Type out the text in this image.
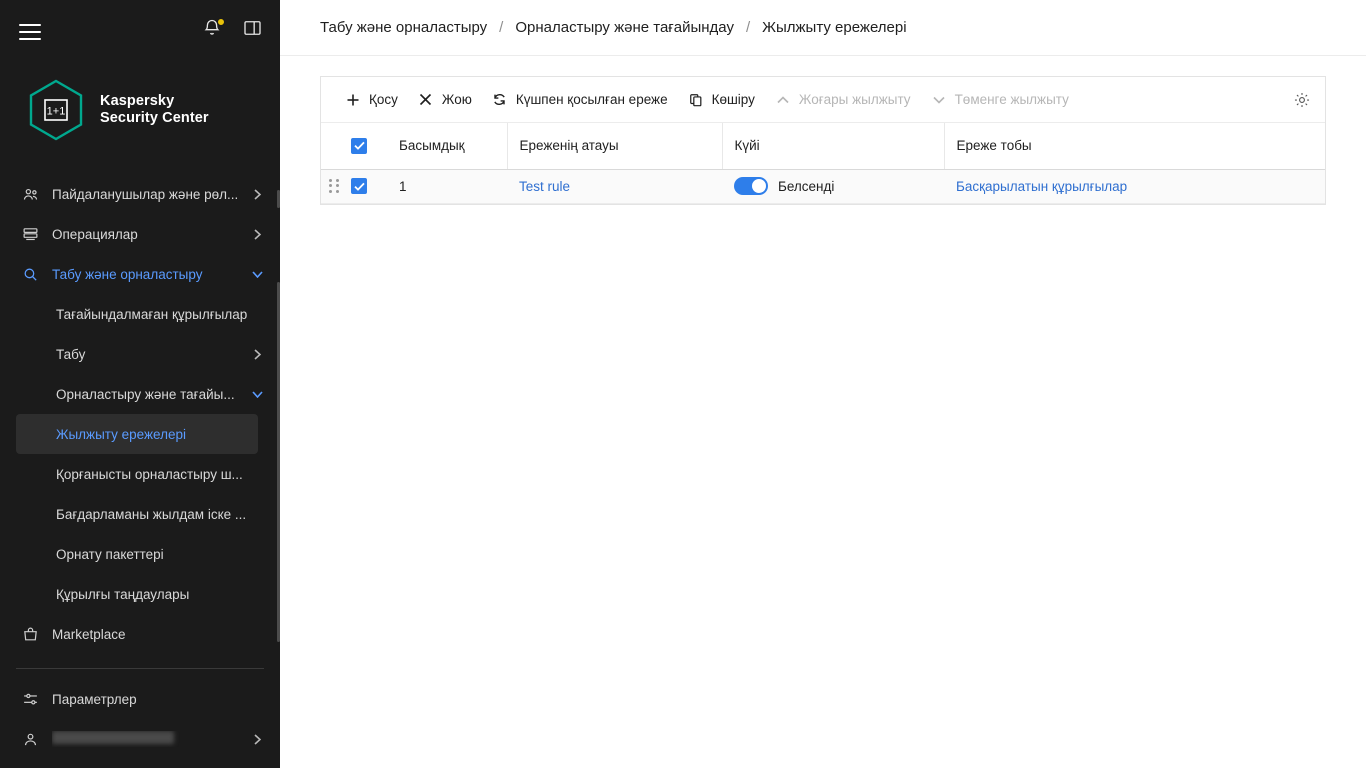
1+1
Kaspersky
Security Center
Пайдаланушылар және рөл...
Операциялар
Табу және орналастыру
Тағайындалмаған құрылғылар
Табу
Орналастыру және тағайы...
Жылжыту ережелері
Қорғанысты орналастыру ш...
Бағдарламаны жылдам іске ...
Орнату пакеттері
Құрылғы таңдаулары
Marketplace
Параметрлер
Табу және орналастыру / Орналастыру және тағайындау / Жылжыту ережелері
Қосу	Жою	Күшпен қосылған ереже	Көшіру	Жоғары жылжыту	Төменге жылжыту

	Басымдық	Ереженің атауы	Күйі	Ереже тобы

	1	Test rule	Белсенді	Басқарылатын құрылғылар
